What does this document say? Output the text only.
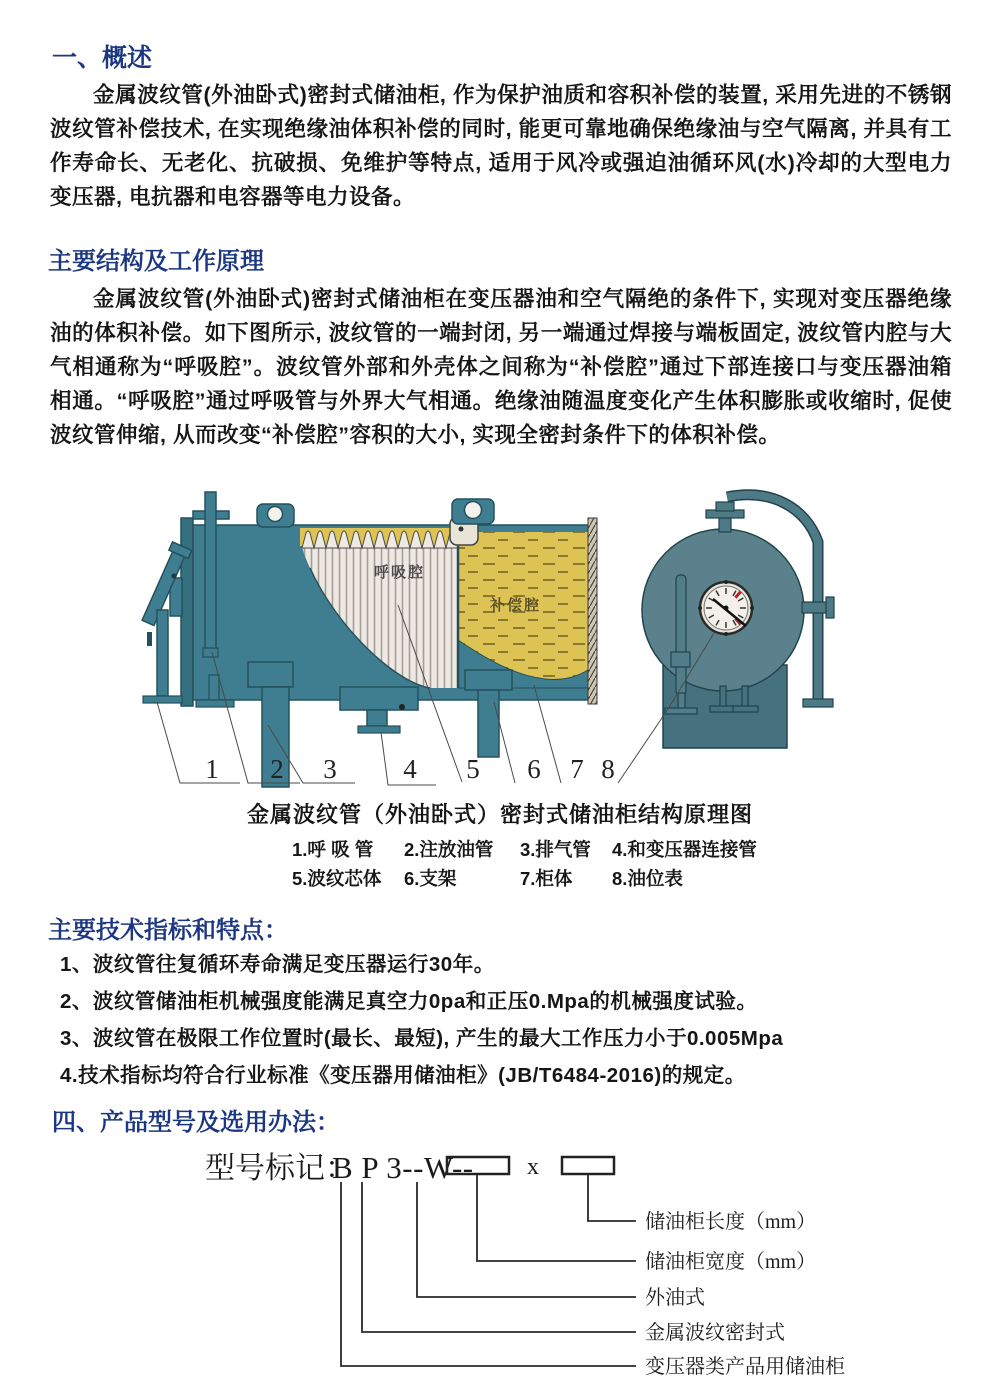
一、概述
金属波纹管(外油卧式)密封式储油柜, 作为保护油质和容积补偿的装置, 采用先进的不锈钢波纹管补偿技术, 在实现绝缘油体积补偿的同时, 能更可靠地确保绝缘油与空气隔离, 并具有工作寿命长、无老化、抗破损、免维护等特点, 适用于风冷或强迫油循环风(水)冷却的大型电力变压器, 电抗器和电容器等电力设备。
主要结构及工作原理
金属波纹管(外油卧式)密封式储油柜在变压器油和空气隔绝的条件下, 实现对变压器绝缘油的体积补偿。如下图所示, 波纹管的一端封闭, 另一端通过焊接与端板固定, 波纹管内腔与大气相通称为“呼吸腔”。波纹管外部和外壳体之间称为“补偿腔”通过下部连接口与变压器油箱相通。“呼吸腔”通过呼吸管与外界大气相通。绝缘油随温度变化产生体积膨胀或收缩时, 促使波纹管伸缩, 从而改变“补偿腔”容积的大小, 实现全密封条件下的体积补偿。
呼吸腔
补偿腔
1 2 3 4 5 6 7 8
金属波纹管（外油卧式）密封式储油柜结构原理图
1.呼 吸 管	2.注放油管	3.排气管	4.和变压器连接管
5.波纹芯体	6.支架	7.柜体	8.油位表
主要技术指标和特点：
1、波纹管往复循环寿命满足变压器运行30年。
2、波纹管储油柜机械强度能满足真空力0pa和正压0.Mpa的机械强度试验。
3、波纹管在极限工作位置时(最长、最短), 产生的最大工作压力小于0.005Mpa
4.技术指标均符合行业标准《变压器用储油柜》(JB/T6484-2016)的规定。
四、产品型号及选用办法：
型号标记：
B P 3--W-- x
储油柜长度（mm）
储油柜宽度（mm）
外油式
金属波纹密封式
变压器类产品用储油柜
